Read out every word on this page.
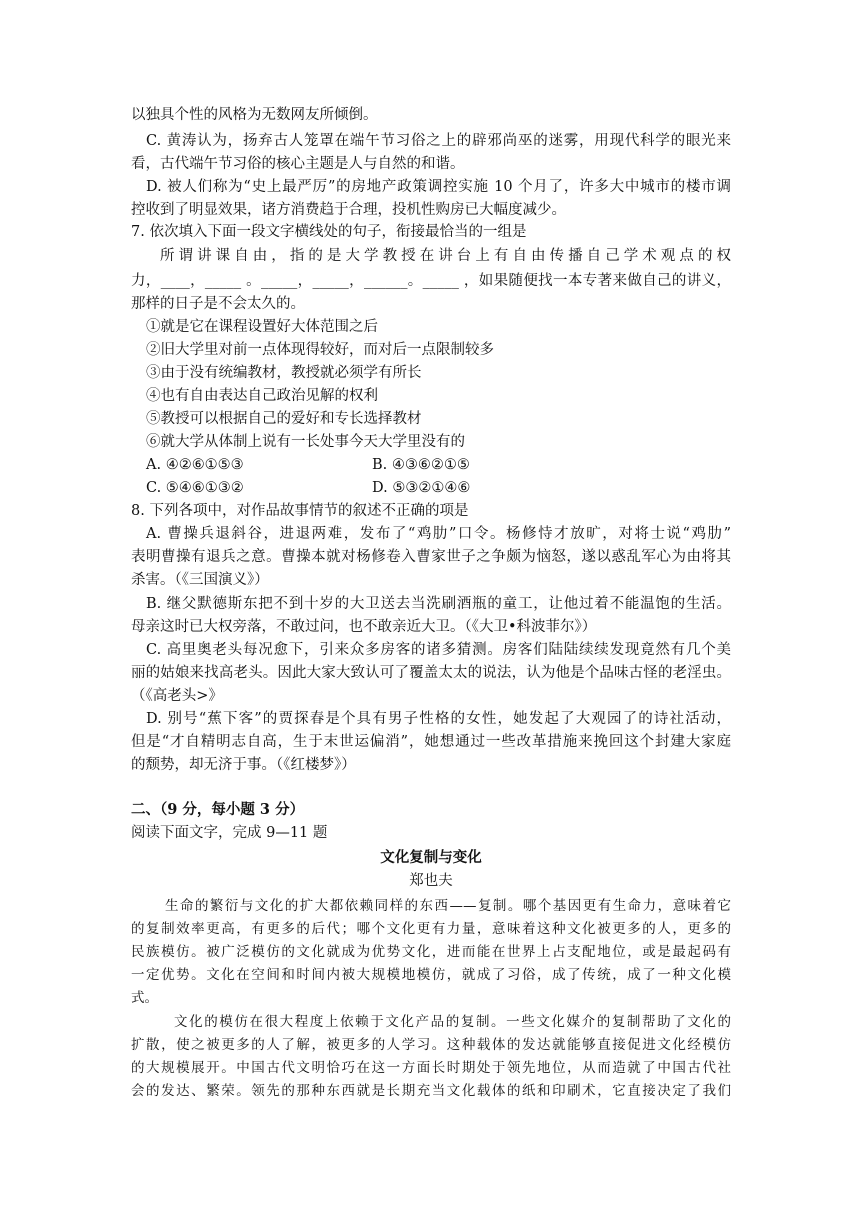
以独具个性的风格为无数网友所倾倒。
C. 黄涛认为，扬弃古人笼罩在端午节习俗之上的辟邪尚巫的迷雾，用现代科学的眼光来
看，古代端午节习俗的核心主题是人与自然的和谐。
D. 被人们称为“史上最严厉”的房地产政策调控实施 10 个月了，许多大中城市的楼市调
控收到了明显效果，诸方消费趋于合理，投机性购房已大幅度减少。
7. 依次填入下面一段文字横线处的句子，衔接最恰当的一组是
所谓讲课自由，指的是大学教授在讲台上有自由传播自己学术观点的权
力，____，_____ 。_____，_____，______。_____ ，如果随便找一本专著来做自己的讲义，
那样的日子是不会太久的。
①就是它在课程设置好大体范围之后
②旧大学里对前一点体现得较好，而对后一点限制较多
③由于没有统编教材，教授就必须学有所长
④也有自由表达自己政治见解的权利
⑤教授可以根据自己的爱好和专长选择教材
⑥就大学从体制上说有一长处事今天大学里没有的
A. ④②⑥①⑤③	B. ④③⑥②①⑤
C. ⑤④⑥①③②	D. ⑤③②①④⑥
8. 下列各项中，对作品故事情节的叙述不正确的项是
A. 曹操兵退斜谷，进退两难，发布了“鸡肋”口令。杨修恃才放旷，对将士说“鸡肋”
表明曹操有退兵之意。曹操本就对杨修卷入曹家世子之争颇为恼怒，遂以惑乱军心为由将其
杀害。（《三国演义》）
B. 继父默德斯东把不到十岁的大卫送去当洗刷酒瓶的童工，让他过着不能温饱的生活。
母亲这时已大权旁落，不敢过问，也不敢亲近大卫。（《大卫•科波菲尔》）
C. 高里奥老头每况愈下，引来众多房客的诸多猜测。房客们陆陆续续发现竟然有几个美
丽的姑娘来找高老头。因此大家大致认可了覆盖太太的说法，认为他是个品味古怪的老淫虫。
（《高老头>》
D. 别号“蕉下客”的贾探春是个具有男子性格的女性，她发起了大观园了的诗社活动，
但是“才自精明志自高，生于末世运偏消”，她想通过一些改革措施来挽回这个封建大家庭
的颓势，却无济于事。（《红楼梦》）
二、（9 分，每小题 3 分）
阅读下面文字，完成 9—11 题
文化复制与变化
郑也夫
生命的繁衍与文化的扩大都依赖同样的东西——复制。哪个基因更有生命力，意味着它
的复制效率更高，有更多的后代；哪个文化更有力量，意味着这种文化被更多的人，更多的
民族模仿。被广泛模仿的文化就成为优势文化，进而能在世界上占支配地位，或是最起码有
一定优势。文化在空间和时间内被大规模地模仿，就成了习俗，成了传统，成了一种文化模
式。
文化的模仿在很大程度上依赖于文化产品的复制。一些文化媒介的复制帮助了文化的
扩散，使之被更多的人了解，被更多的人学习。这种载体的发达就能够直接促进文化经模仿
的大规模展开。中国古代文明恰巧在这一方面长时期处于领先地位，从而造就了中国古代社
会的发达、繁荣。领先的那种东西就是长期充当文化载体的纸和印刷术，它直接决定了我们
